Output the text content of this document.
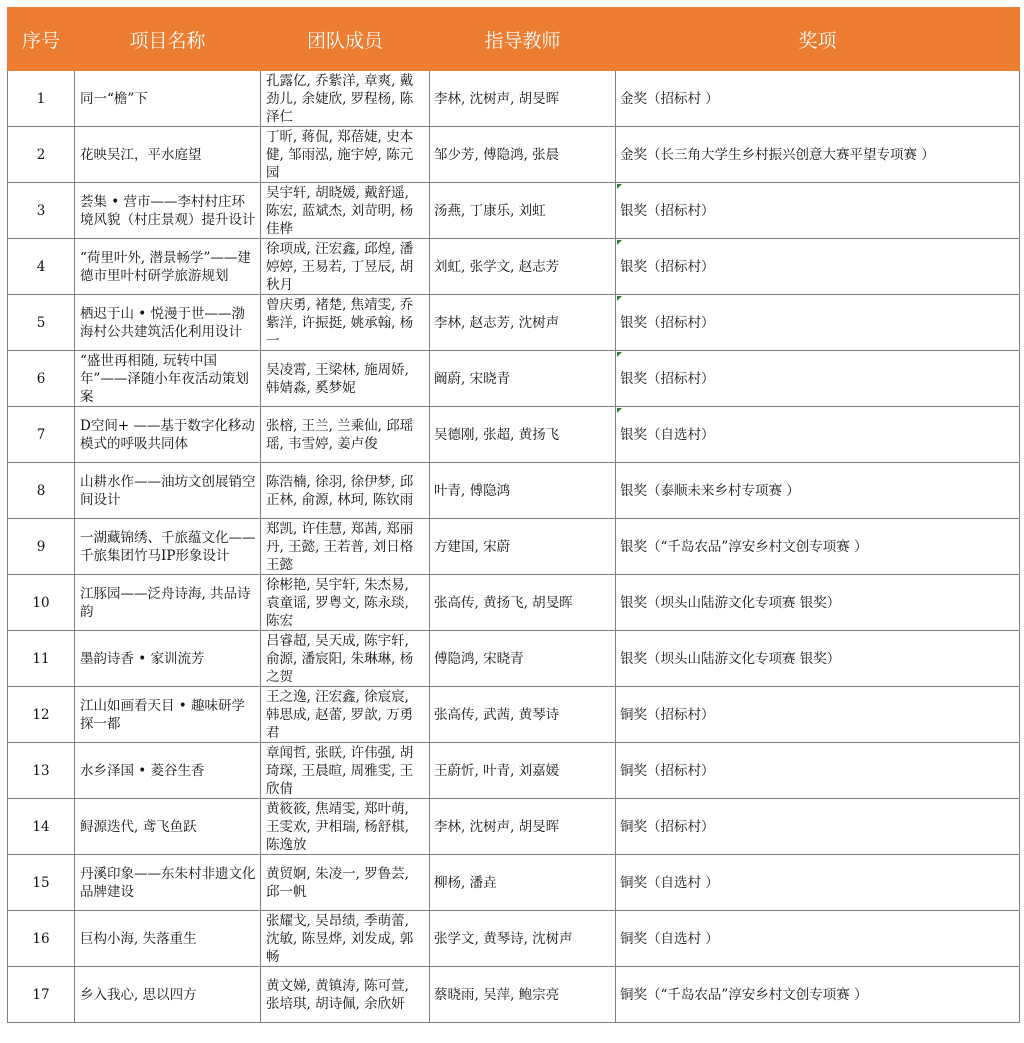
序号	项目名称	团队成员	指导教师	奖项
1	同一“檐”下	孔露亿, 乔紫洋, 章爽, 戴劲儿, 余婕欣, 罗程杨, 陈泽仁	李林, 沈树声, 胡旻晖	金奖（招标村 ）
2	花映吴江，平水庭望	丁昕, 蒋侃, 郑蓓婕, 史本健, 邹雨泓, 施宇婷, 陈元园	邹少芳, 傅隐鸿, 张晨	金奖（长三角大学生乡村振兴创意大赛平望专项赛 ）
3	荟集 • 营市——李村村庄环境风貌（村庄景观）提升设计	吴宇轩, 胡晓媛, 戴舒遥, 陈宏, 蓝斌杰, 刘苛明, 杨佳桦	汤燕, 丁康乐, 刘虹	银奖（招标村）
4	“荷里叶外, 潜景畅学”——建德市里叶村研学旅游规划	徐项成, 汪宏鑫, 邱煌, 潘婷婷, 王易若, 丁昱辰, 胡秋月	刘虹, 张学文, 赵志芳	银奖（招标村）
5	栖迟于山 • 悦漫于世——渤海村公共建筑活化利用设计	曾庆勇, 褚楚, 焦靖雯, 乔紫洋, 许振挺, 姚承翰, 杨一	李林, 赵志芳, 沈树声	银奖（招标村）
6	“盛世再相随, 玩转中国年”——泽随小年夜活动策划案	吴凌霄, 王梁林, 施周娇, 韩婧淼, 奚梦妮	阚蔚, 宋晓青	银奖（招标村）
7	D空间+ ——基于数字化移动模式的呼吸共同体	张榕, 王兰, 兰乘仙, 邱瑶瑶, 韦雪婷, 姜卢俊	吴德刚, 张超, 黄扬飞	银奖（自选村）
8	山耕水作——油坊文创展销空间设计	陈浩楠, 徐羽, 徐伊梦, 邱正林, 俞源, 林珂, 陈钦雨	叶青, 傅隐鸿	银奖（泰顺未来乡村专项赛 ）
9	一湖藏锦绣、千旅蕴文化——千旅集团竹马IP形象设计	郑凯, 许佳慧, 郑茜, 郑丽丹, 王懿, 王若普, 刘日格王懿	方建国, 宋蔚	银奖（“千岛农品”淳安乡村文创专项赛 ）
10	江豚园——泛舟诗海, 共品诗韵	徐彬艳, 吴宇轩, 朱杰易, 袁童谣, 罗粤文, 陈永琰, 陈宏	张高传, 黄扬飞, 胡旻晖	银奖（坝头山陆游文化专项赛 银奖）
11	墨韵诗香 • 家训流芳	吕睿超, 吴天成, 陈宇轩, 俞源, 潘宸阳, 朱琳琳, 杨之贺	傅隐鸿, 宋晓青	银奖（坝头山陆游文化专项赛 银奖）
12	江山如画看天目 • 趣味研学探一都	王之逸, 汪宏鑫, 徐宸宸, 韩思成, 赵蕾, 罗歆, 万勇君	张高传, 武茜, 黄琴诗	铜奖（招标村）
13	水乡泽国 • 菱谷生香	章闻哲, 张眹, 许伟强, 胡琦琛, 王晨暄, 周雅雯, 王欣倩	王蔚忻, 叶青, 刘嘉媛	铜奖（招标村）
14	鲟源迭代, 鸢飞鱼跃	黄筱筱, 焦靖雯, 郑叶萌, 王雯欢, 尹相瑞, 杨舒棋, 陈逸放	李林, 沈树声, 胡旻晖	铜奖（招标村）
15	丹溪印象——东朱村非遗文化品牌建设	黄贸婀, 朱凌一, 罗鲁芸, 邱一帆	柳杨, 潘垚	铜奖（自选村 ）
16	巨构小海, 失落重生	张耀戈, 吴昂绩, 季萌蕾, 沈敏, 陈昱烨, 刘发成, 郭畅	张学文, 黄琴诗, 沈树声	铜奖（自选村 ）
17	乡入我心, 思以四方	黄文娣, 黄镇涛, 陈可萱, 张培琪, 胡诗佩, 余欣妍	蔡晓雨, 吴萍, 鲍宗亮	铜奖（“千岛农品”淳安乡村文创专项赛 ）
